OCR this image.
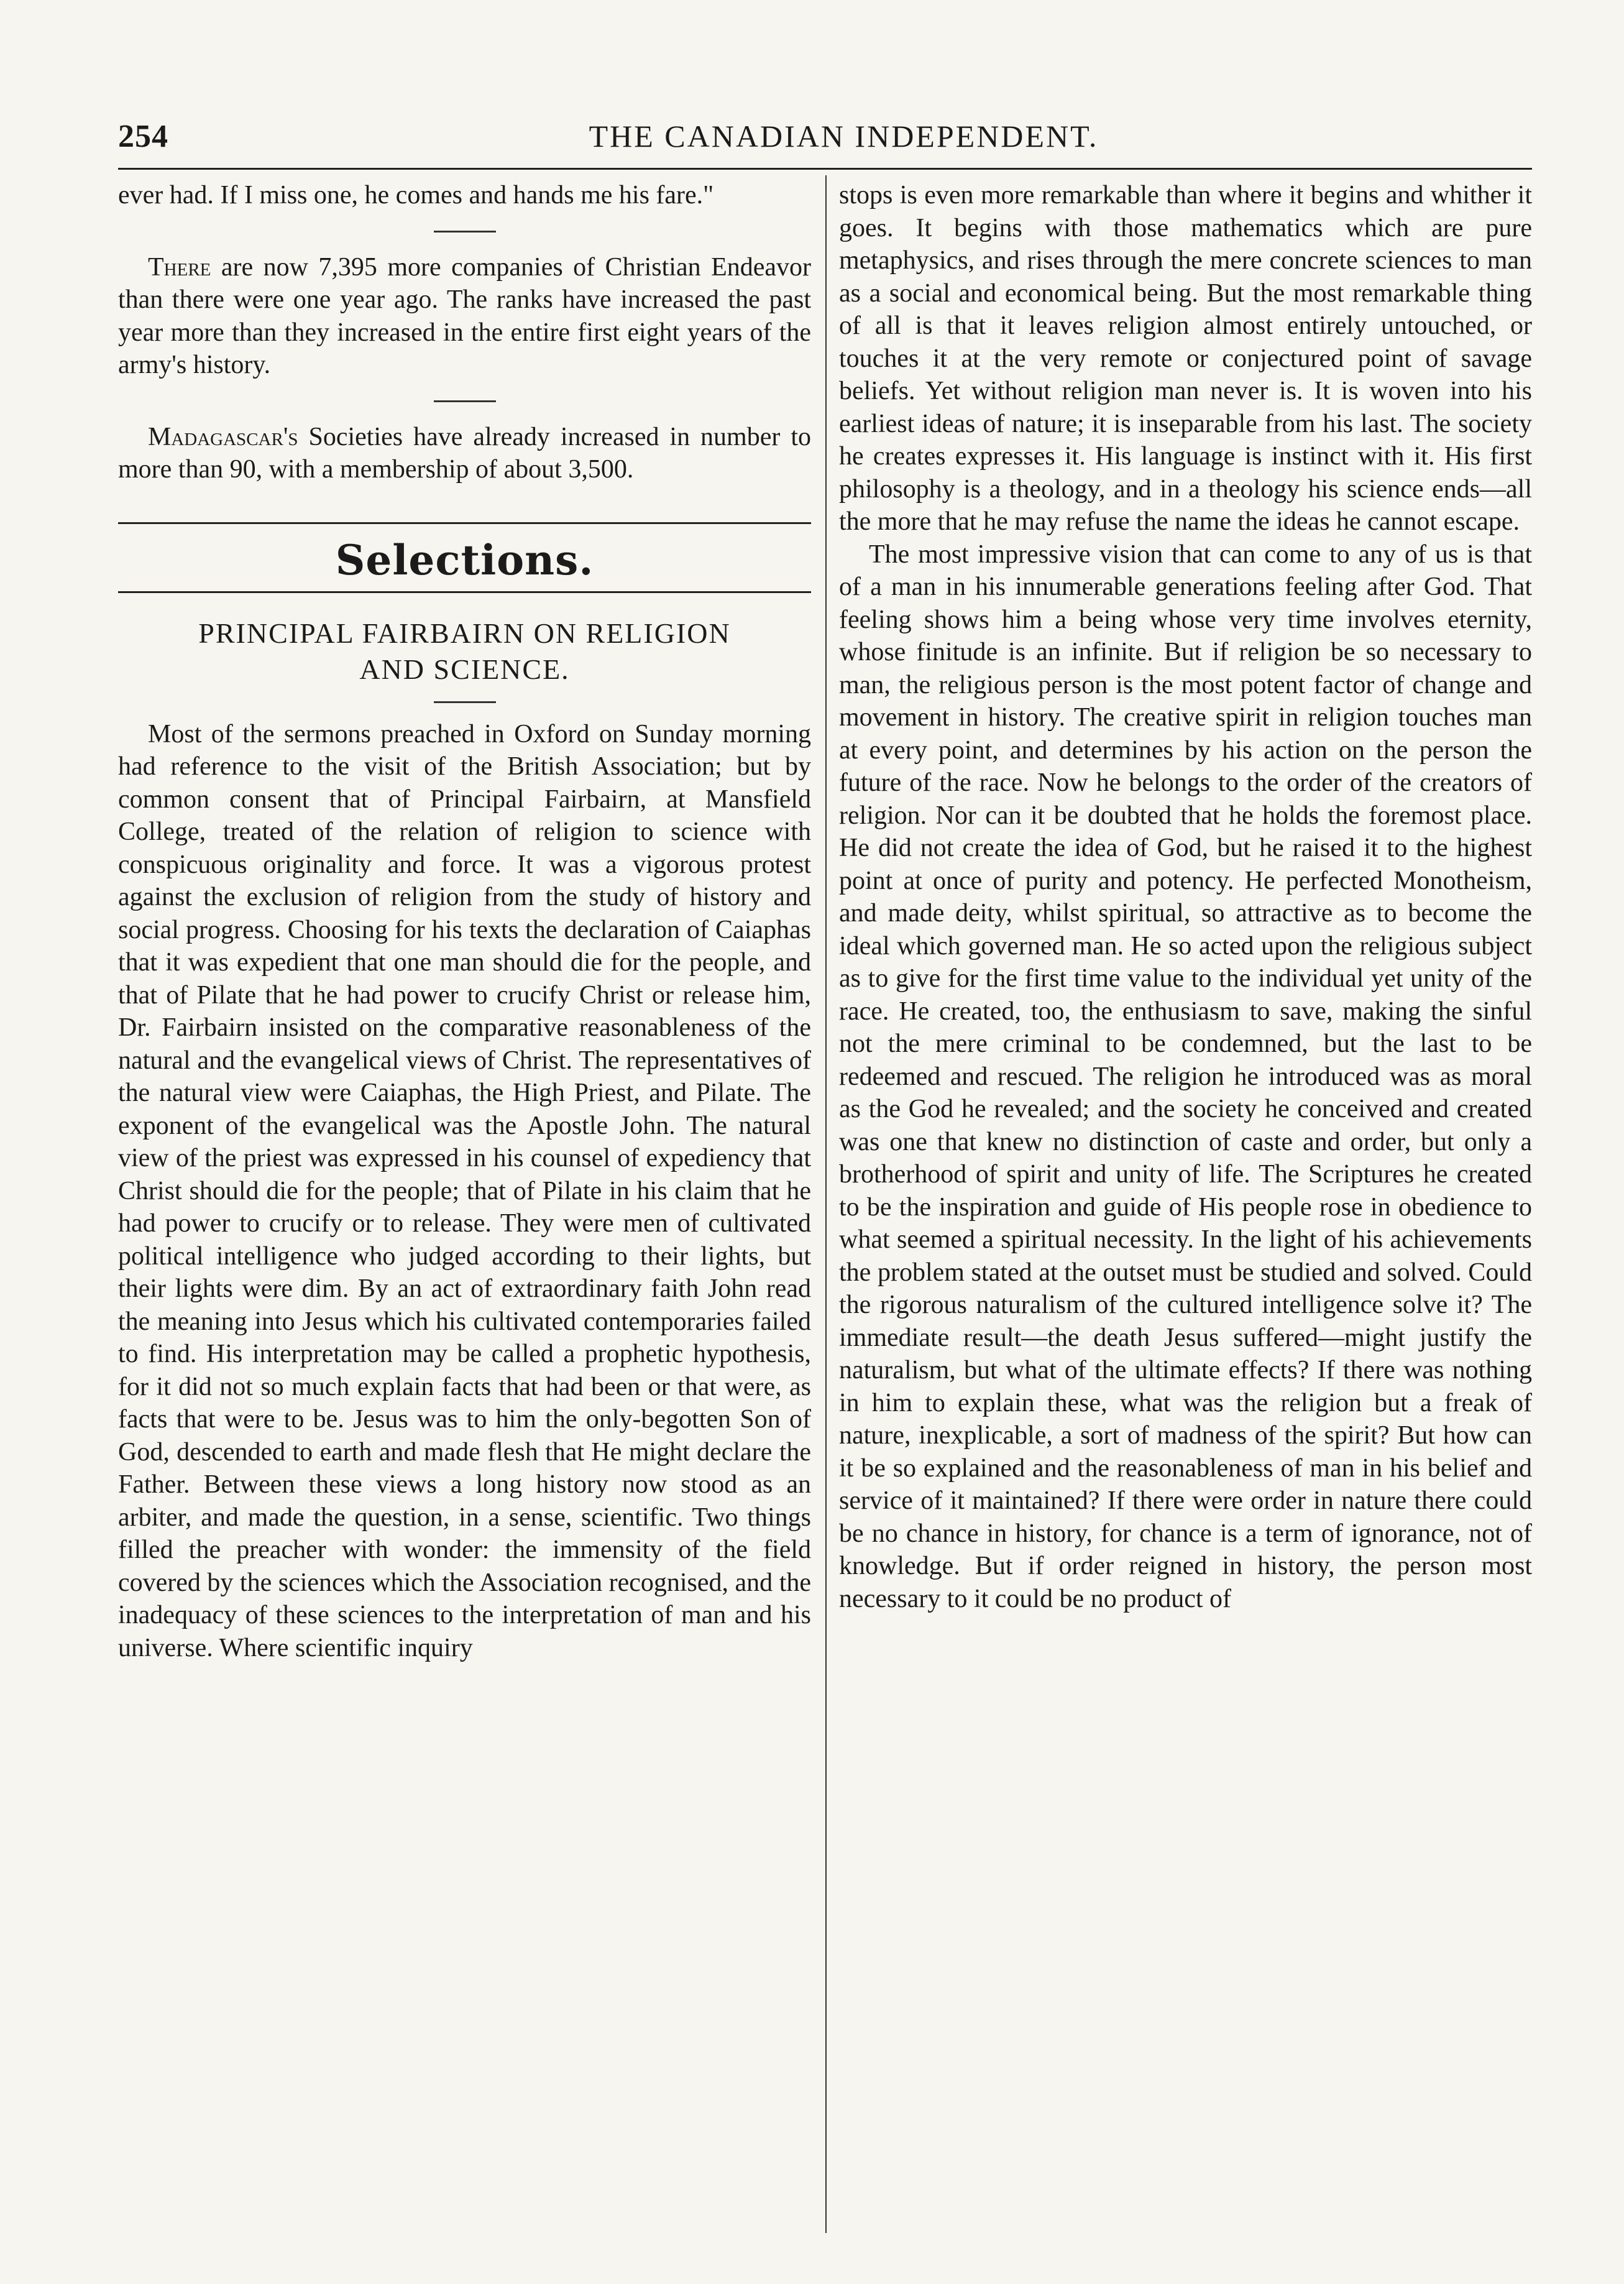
254	THE CANADIAN INDEPENDENT.

ever had. If I miss one, he comes and hands me his fare."

There are now 7,395 more companies of Christian Endeavor than there were one year ago. The ranks have increased the past year more than they increased in the entire first eight years of the army's history.

Madagascar's Societies have already increased in number to more than 90, with a membership of about 3,500.

Selections.
PRINCIPAL FAIRBAIRN ON RELIGION
AND SCIENCE.

Most of the sermons preached in Oxford on Sunday morning had reference to the visit of the British Association; but by common consent that of Principal Fairbairn, at Mansfield College, treated of the relation of religion to science with conspicuous originality and force. It was a vigorous protest against the exclusion of religion from the study of history and social progress. Choosing for his texts the declaration of Caiaphas that it was expedient that one man should die for the people, and that of Pilate that he had power to crucify Christ or release him, Dr. Fairbairn insisted on the comparative reasonableness of the natural and the evangelical views of Christ. The representatives of the natural view were Caiaphas, the High Priest, and Pilate. The exponent of the evangelical was the Apostle John. The natural view of the priest was expressed in his counsel of expediency that Christ should die for the people; that of Pilate in his claim that he had power to crucify or to release. They were men of cultivated political intelligence who judged according to their lights, but their lights were dim. By an act of extraordinary faith John read the meaning into Jesus which his cultivated contemporaries failed to find. His interpretation may be called a prophetic hypothesis, for it did not so much explain facts that had been or that were, as facts that were to be. Jesus was to him the only-begotten Son of God, descended to earth and made flesh that He might declare the Father. Between these views a long history now stood as an arbiter, and made the question, in a sense, scientific. Two things filled the preacher with wonder: the immensity of the field covered by the sciences which the Association recognised, and the inadequacy of these sciences to the interpretation of man and his universe. Where scientific inquiry

stops is even more remarkable than where it begins and whither it goes. It begins with those mathematics which are pure metaphysics, and rises through the mere concrete sciences to man as a social and economical being. But the most remarkable thing of all is that it leaves religion almost entirely untouched, or touches it at the very remote or conjectured point of savage beliefs. Yet without religion man never is. It is woven into his earliest ideas of nature; it is inseparable from his last. The society he creates expresses it. His language is instinct with it. His first philosophy is a theology, and in a theology his science ends—all the more that he may refuse the name the ideas he cannot escape.

The most impressive vision that can come to any of us is that of a man in his innumerable generations feeling after God. That feeling shows him a being whose very time involves eternity, whose finitude is an infinite. But if religion be so necessary to man, the religious person is the most potent factor of change and movement in history. The creative spirit in religion touches man at every point, and determines by his action on the person the future of the race. Now he belongs to the order of the creators of religion. Nor can it be doubted that he holds the foremost place. He did not create the idea of God, but he raised it to the highest point at once of purity and potency. He perfected Monotheism, and made deity, whilst spiritual, so attractive as to become the ideal which governed man. He so acted upon the religious subject as to give for the first time value to the individual yet unity of the race. He created, too, the enthusiasm to save, making the sinful not the mere criminal to be condemned, but the last to be redeemed and rescued. The religion he introduced was as moral as the God he revealed; and the society he conceived and created was one that knew no distinction of caste and order, but only a brotherhood of spirit and unity of life. The Scriptures he created to be the inspiration and guide of His people rose in obedience to what seemed a spiritual necessity. In the light of his achievements the problem stated at the outset must be studied and solved. Could the rigorous naturalism of the cultured intelligence solve it? The immediate result—the death Jesus suffered—might justify the naturalism, but what of the ultimate effects? If there was nothing in him to explain these, what was the religion but a freak of nature, inexplicable, a sort of madness of the spirit? But how can it be so explained and the reasonableness of man in his belief and service of it maintained? If there were order in nature there could be no chance in history, for chance is a term of ignorance, not of knowledge. But if order reigned in history, the person most necessary to it could be no product of
